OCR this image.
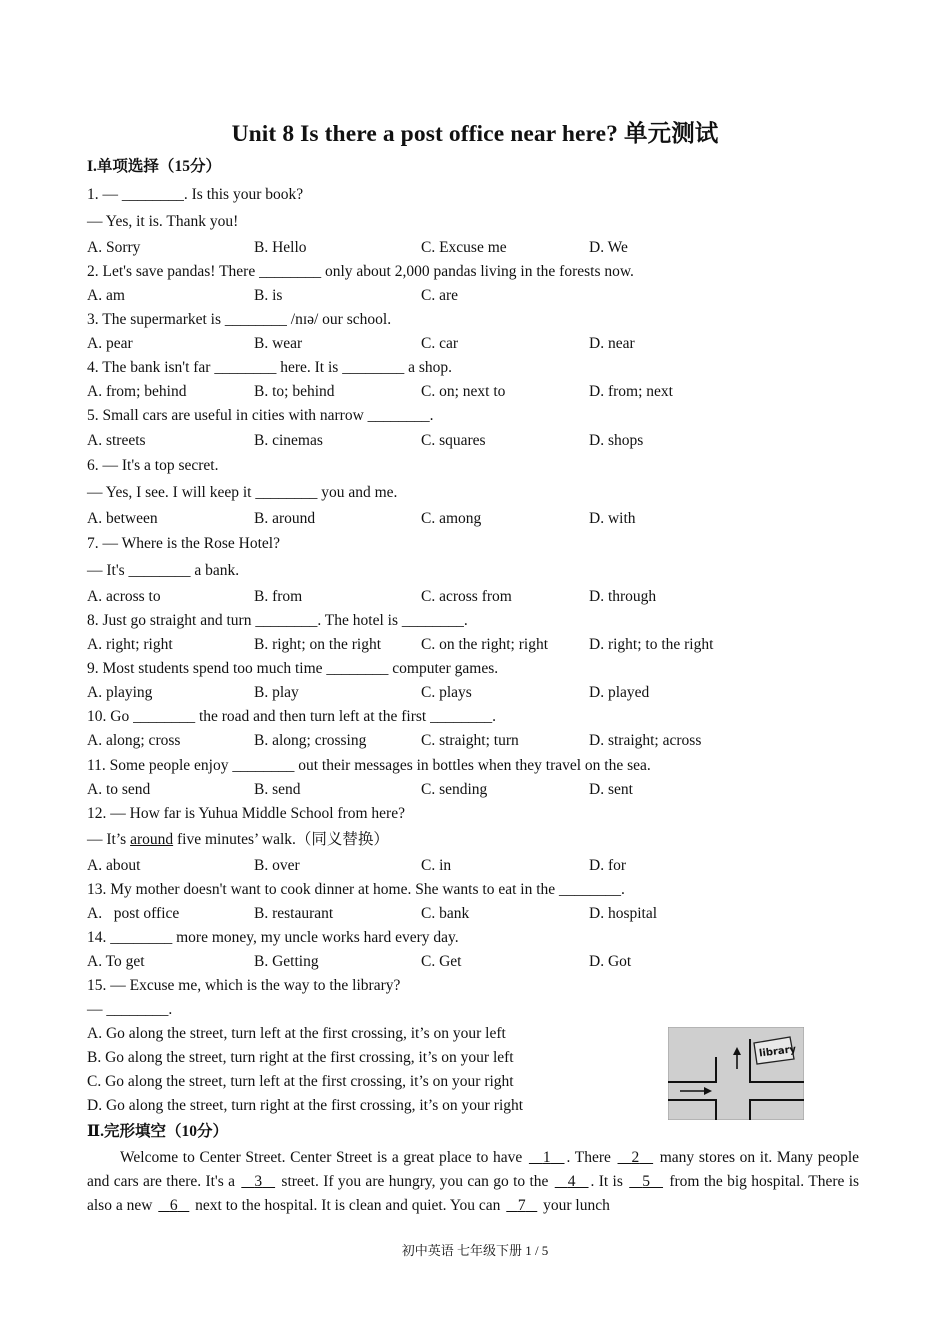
Unit 8 Is there a post office near here? 单元测试
I.单项选择（15分）
1. — ________. Is this your book?
— Yes, it is. Thank you!
A. Sorry	B. Hello	C. Excuse me	D. We
2. Let's save pandas! There ________ only about 2,000 pandas living in the forests now.
A. am	B. is	C. are
3. The supermarket is ________ /nɪə/ our school.
A. pear	B. wear	C. car	D. near
4. The bank isn't far ________ here. It is ________ a shop.
A. from; behind	B. to; behind	C. on; next to	D. from; next
5. Small cars are useful in cities with narrow ________.
A. streets	B. cinemas	C. squares	D. shops
6. — It's a top secret.
— Yes, I see. I will keep it ________ you and me.
A. between	B. around	C. among	D. with
7. — Where is the Rose Hotel?
— It's ________ a bank.
A. across to	B. from	C. across from	D. through
8. Just go straight and turn ________. The hotel is ________.
A. right; right	B. right; on the right	C. on the right; right	D. right; to the right
9. Most students spend too much time ________ computer games.
A. playing	B. play	C. plays	D. played
10. Go ________ the road and then turn left at the first ________.
A. along; cross	B. along; crossing	C. straight; turn	D. straight; across
11. Some people enjoy ________ out their messages in bottles when they travel on the sea.
A. to send	B. send	C. sending	D. sent
12. — How far is Yuhua Middle School from here?
— It’s around five minutes’ walk.（同义替换）
A. about	B. over	C. in	D. for
13. My mother doesn't want to cook dinner at home. She wants to eat in the ________.
A.   post office	B. restaurant	C. bank	D. hospital
14. ________ more money, my uncle works hard every day.
A. To get	B. Getting	C. Get	D. Got
15. — Excuse me, which is the way to the library?
— ________.
A. Go along the street, turn left at the first crossing, it’s on your left
B. Go along the street, turn right at the first crossing, it’s on your left
C. Go along the street, turn left at the first crossing, it’s on your right
D. Go along the street, turn right at the first crossing, it’s on your right
library
Ⅱ.完形填空（10分）
Welcome to Center Street. Center Street is a great place to have    1 . There    2    many stores on it. Many people and cars are there. It's a    3    street. If you are hungry, you can go to the    4 . It is    5    from the big hospital. There is also a new    6    next to the hospital. It is clean and quiet. You can    7    your lunch
初中英语 七年级下册 1 / 5
